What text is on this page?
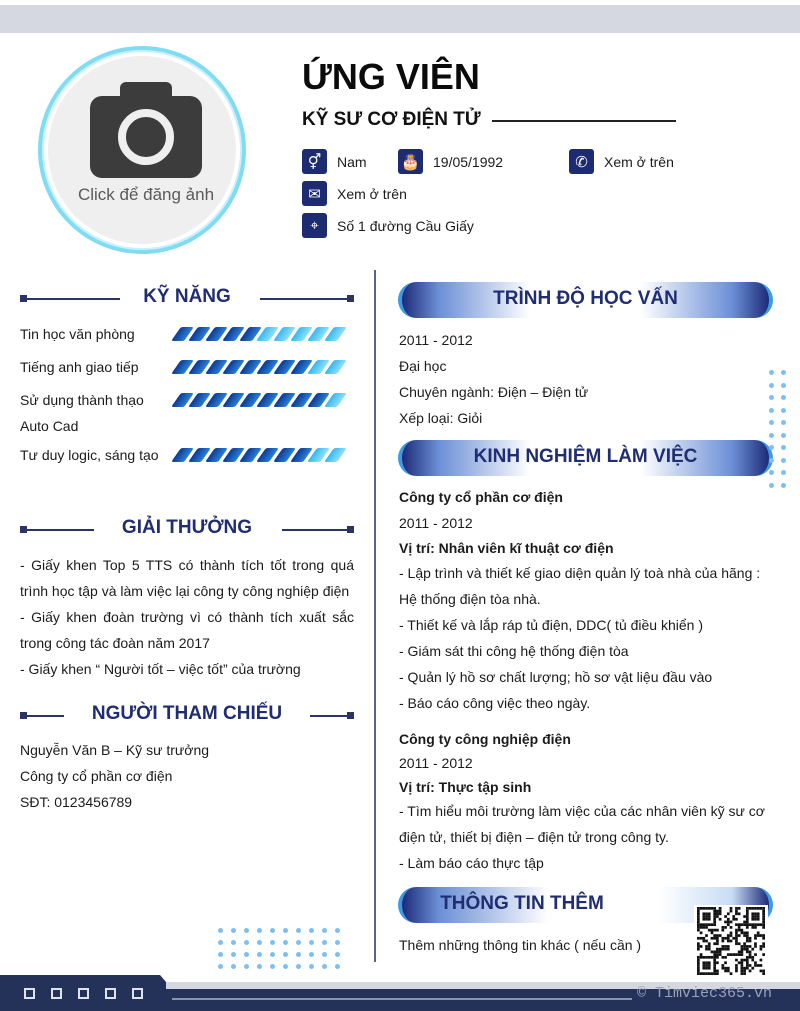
Click để đăng ảnh
ỨNG VIÊN
KỸ SƯ CƠ ĐIỆN TỬ
⚥	Nam 🎂 19/05/1992	✆	Xem ở trên
✉	Xem ở trên
⌖	Số 1 đường Cầu Giấy
KỸ NĂNG
Tin học văn phòng
Tiếng anh giao tiếp
Sử dụng thành thạo Auto Cad
Tư duy logic, sáng tạo
GIẢI THƯỞNG
- Giấy khen Top 5 TTS có thành tích tốt trong quá trình học tập và làm việc lại công ty công nghiệp điện
- Giấy khen đoàn trường vì có thành tích xuất sắc trong công tác đoàn năm 2017
- Giấy khen “ Người tốt – việc tốt” của trường
NGƯỜI THAM CHIẾU
Nguyễn Văn B – Kỹ sư trưởng
Công ty cổ phần cơ điện
SĐT: 0123456789
TRÌNH ĐỘ HỌC VẤN
2011 - 2012
Đại học
Chuyên ngành: Điện – Điện tử
Xếp loại: Giỏi
KINH NGHIỆM LÀM VIỆC
Công ty cổ phần cơ điện
2011 - 2012
Vị trí: Nhân viên kĩ thuật cơ điện
- Lập trình và thiết kế giao diện quản lý toà nhà của hãng : Hệ thống điện tòa nhà.
- Thiết kế và lắp ráp tủ điện, DDC( tủ điều khiển )
- Giám sát thi công hệ thống điện tòa
- Quản lý hồ sơ chất lượng; hồ sơ vật liệu đầu vào
- Báo cáo công việc theo ngày.
Công ty công nghiệp điện
2011 - 2012
Vị trí: Thực tập sinh
- Tìm hiểu môi trường làm việc của các nhân viên kỹ sư cơ điện tử, thiết bị điện – điện tử trong công ty.
- Làm báo cáo thực tập
THÔNG TIN THÊM
Thêm những thông tin khác ( nếu cần )
© Timviec365.vn
